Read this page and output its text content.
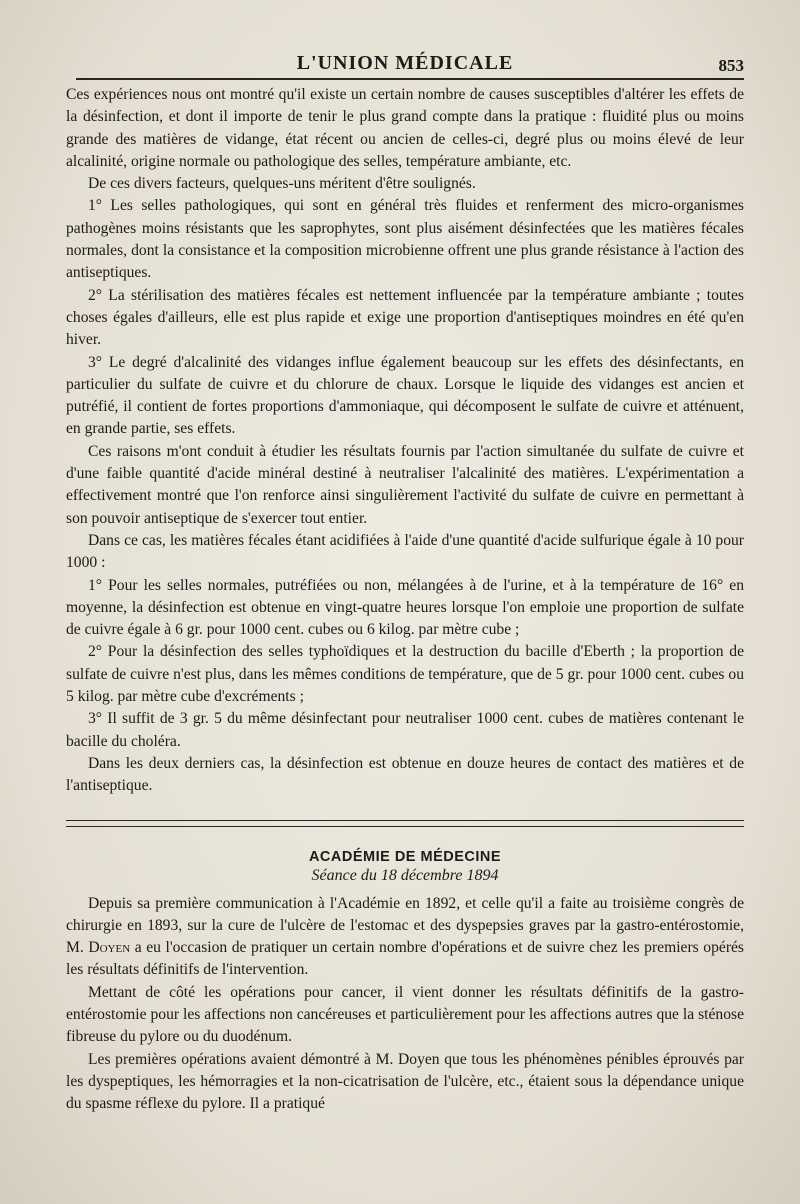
L'UNION MÉDICALE	853

Ces expériences nous ont montré qu'il existe un certain nombre de causes susceptibles d'altérer les effets de la désinfection, et dont il importe de tenir le plus grand compte dans la pratique : fluidité plus ou moins grande des matières de vidange, état récent ou ancien de celles-ci, degré plus ou moins élevé de leur alcalinité, origine normale ou pathologique des selles, température ambiante, etc.

De ces divers facteurs, quelques-uns méritent d'être soulignés.

1° Les selles pathologiques, qui sont en général très fluides et renferment des micro-organismes pathogènes moins résistants que les saprophytes, sont plus aisément désinfectées que les matières fécales normales, dont la consistance et la composition microbienne offrent une plus grande résistance à l'action des antiseptiques.

2° La stérilisation des matières fécales est nettement influencée par la température ambiante ; toutes choses égales d'ailleurs, elle est plus rapide et exige une proportion d'antiseptiques moindres en été qu'en hiver.

3° Le degré d'alcalinité des vidanges influe également beaucoup sur les effets des désinfectants, en particulier du sulfate de cuivre et du chlorure de chaux. Lorsque le liquide des vidanges est ancien et putréfié, il contient de fortes proportions d'ammoniaque, qui décomposent le sulfate de cuivre et atténuent, en grande partie, ses effets.

Ces raisons m'ont conduit à étudier les résultats fournis par l'action simultanée du sulfate de cuivre et d'une faible quantité d'acide minéral destiné à neutraliser l'alcalinité des matières. L'expérimentation a effectivement montré que l'on renforce ainsi singulièrement l'activité du sulfate de cuivre en permettant à son pouvoir antiseptique de s'exercer tout entier.

Dans ce cas, les matières fécales étant acidifiées à l'aide d'une quantité d'acide sulfurique égale à 10 pour 1000 :

1° Pour les selles normales, putréfiées ou non, mélangées à de l'urine, et à la température de 16° en moyenne, la désinfection est obtenue en vingt-quatre heures lorsque l'on emploie une proportion de sulfate de cuivre égale à 6 gr. pour 1000 cent. cubes ou 6 kilog. par mètre cube ;

2° Pour la désinfection des selles typhoïdiques et la destruction du bacille d'Eberth ; la proportion de sulfate de cuivre n'est plus, dans les mêmes conditions de température, que de 5 gr. pour 1000 cent. cubes ou 5 kilog. par mètre cube d'excréments ;

3° Il suffit de 3 gr. 5 du même désinfectant pour neutraliser 1000 cent. cubes de matières contenant le bacille du choléra.

Dans les deux derniers cas, la désinfection est obtenue en douze heures de contact des matières et de l'antiseptique.

ACADÉMIE DE MÉDECINE
Séance du 18 décembre 1894

Depuis sa première communication à l'Académie en 1892, et celle qu'il a faite au troisième congrès de chirurgie en 1893, sur la cure de l'ulcère de l'estomac et des dyspepsies graves par la gastro-entérostomie, M. Doyen a eu l'occasion de pratiquer un certain nombre d'opérations et de suivre chez les premiers opérés les résultats définitifs de l'intervention.

Mettant de côté les opérations pour cancer, il vient donner les résultats définitifs de la gastro-entérostomie pour les affections non cancéreuses et particulièrement pour les affections autres que la sténose fibreuse du pylore ou du duodénum.

Les premières opérations avaient démontré à M. Doyen que tous les phénomènes pénibles éprouvés par les dyspeptiques, les hémorragies et la non-cicatrisation de l'ulcère, etc., étaient sous la dépendance unique du spasme réflexe du pylore. Il a pratiqué
